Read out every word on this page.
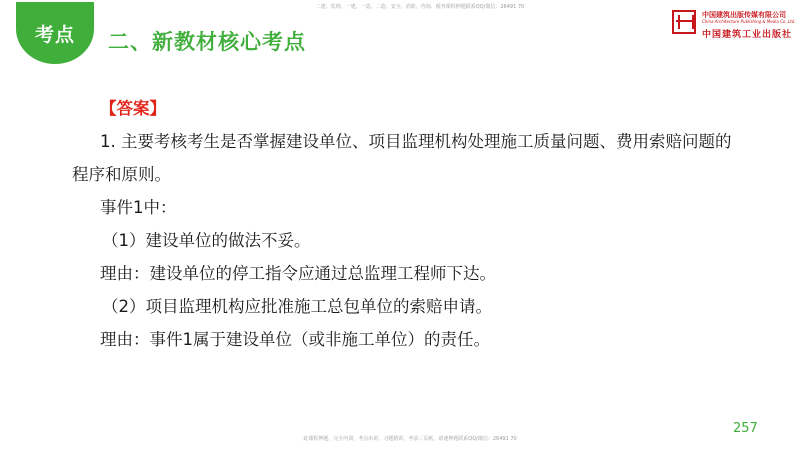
二建、监理、一建、一造、二造、安全、消防、咨询、税务课程押题联系QQ/微信：26491 70
考点 二、新教材核心考点
中国建筑出版传媒有限公司
China Architecture Publishing & Media Co.,Ltd.
中国建筑工业出版社

【答案】

1. 主要考核考生是否掌握建设单位、项目监理机构处理施工质量问题、费用索赔问题的程序和原则。

事件1中：

（1）建设单位的做法不妥。

理由：建设单位的停工指令应通过总监理工程师下达。

（2）项目监理机构应批准施工总包单位的索赔申请。

理由：事件1属于建设单位（或非施工单位）的责任。

257
此课程押题，完全内训，考点串讲，习题精讲，考前三页纸，请速押题联系QQ/微信：26491 70
